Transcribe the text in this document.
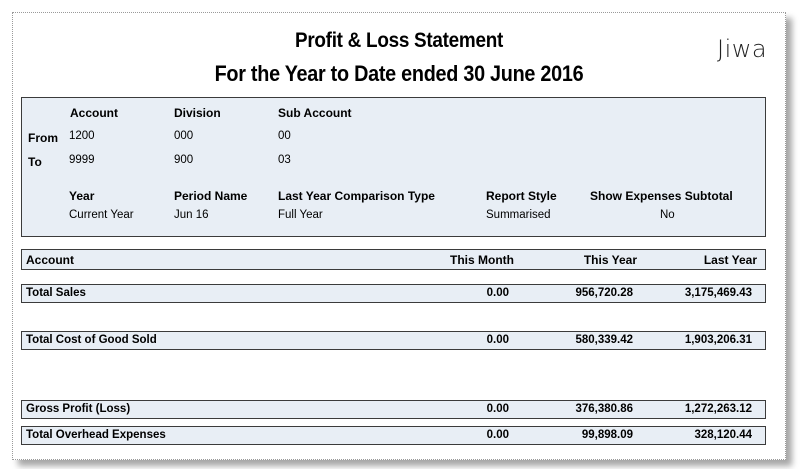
Profit & Loss Statement
For the Year to Date ended 30 June 2016
Jiwa
Account	Division	Sub Account
From 1200	000	00
To 9999	900	03
Year	Period Name	Last Year Comparison Type	Report Style	Show Expenses Subtotal
Current Year	Jun 16	Full Year	Summarised	No
Account	This Month	This Year	Last Year
Total Sales	0.00	956,720.28	3,175,469.43
Total Cost of Good Sold	0.00	580,339.42	1,903,206.31
Gross Profit (Loss)	0.00	376,380.86	1,272,263.12
Total Overhead Expenses	0.00	99,898.09	328,120.44
